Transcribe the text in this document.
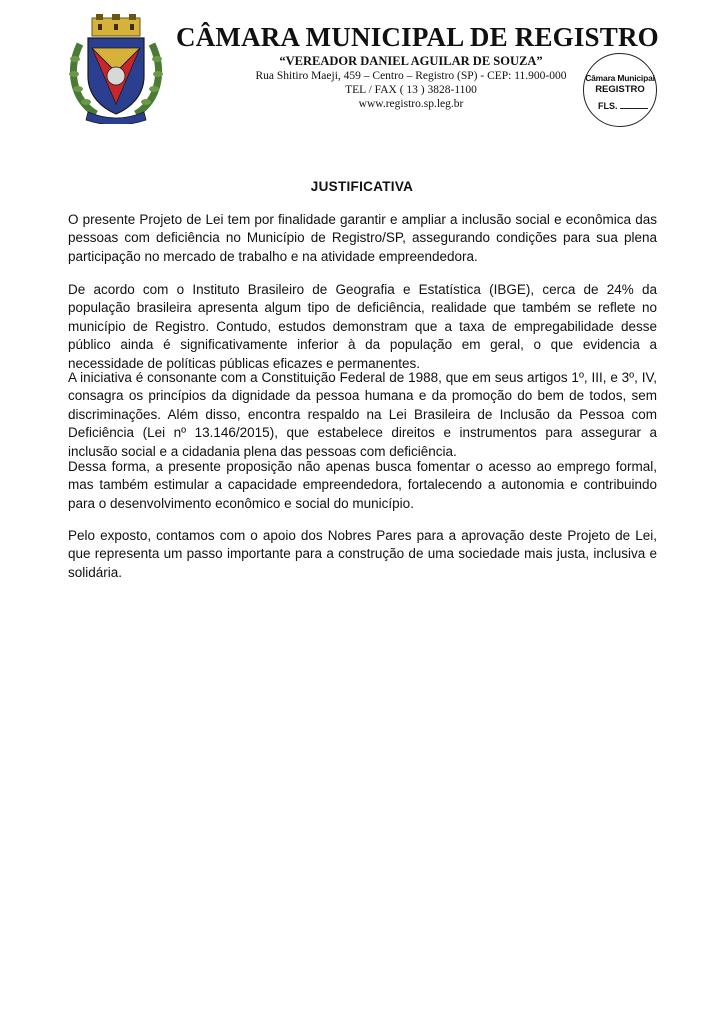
CÂMARA MUNICIPAL DE REGISTRO
“VEREADOR DANIEL AGUILAR DE SOUZA”
Rua Shitiro Maeji, 459 – Centro – Registro (SP) - CEP: 11.900-000
TEL / FAX ( 13 ) 3828-1100
www.registro.sp.leg.br
Câmara Municipal
REGISTRO
FLS.
JUSTIFICATIVA

O presente Projeto de Lei tem por finalidade garantir e ampliar a inclusão social e econômica das pessoas com deficiência no Município de Registro/SP, assegurando condições para sua plena participação no mercado de trabalho e na atividade empreendedora.

De acordo com o Instituto Brasileiro de Geografia e Estatística (IBGE), cerca de 24% da população brasileira apresenta algum tipo de deficiência, realidade que também se reflete no município de Registro. Contudo, estudos demonstram que a taxa de empregabilidade desse público ainda é significativamente inferior à da população em geral, o que evidencia a necessidade de políticas públicas eficazes e permanentes.

A iniciativa é consonante com a Constituição Federal de 1988, que em seus artigos 1º, III, e 3º, IV, consagra os princípios da dignidade da pessoa humana e da promoção do bem de todos, sem discriminações. Além disso, encontra respaldo na Lei Brasileira de Inclusão da Pessoa com Deficiência (Lei nº 13.146/2015), que estabelece direitos e instrumentos para assegurar a inclusão social e a cidadania plena das pessoas com deficiência.

Dessa forma, a presente proposição não apenas busca fomentar o acesso ao emprego formal, mas também estimular a capacidade empreendedora, fortalecendo a autonomia e contribuindo para o desenvolvimento econômico e social do município.

Pelo exposto, contamos com o apoio dos Nobres Pares para a aprovação deste Projeto de Lei, que representa um passo importante para a construção de uma sociedade mais justa, inclusiva e solidária.
